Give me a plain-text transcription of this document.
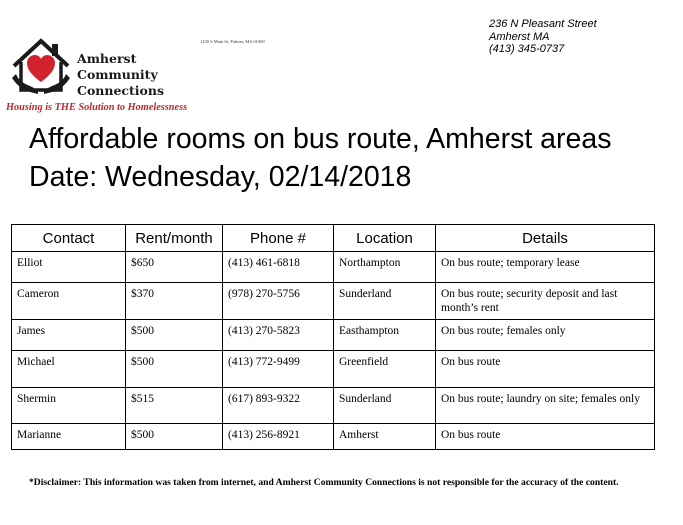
Amherst
Community
Connections
Housing is THE Solution to Homelessness
1230 S Main St, Palmer, MA 01069
236 N Pleasant Street
Amherst MA
(413) 345-0737
Affordable rooms on bus route, Amherst areas
Date: Wednesday, 02/14/2018
Contact	Rent/month	Phone #	Location	Details
Elliot	$650	(413) 461-6818	Northampton	On bus route; temporary lease
Cameron	$370	(978) 270-5756	Sunderland	On bus route; security deposit and last month’s rent
James	$500	(413) 270-5823	Easthampton	On bus route; females only
Michael	$500	(413) 772-9499	Greenfield	On bus route
Shermin	$515	(617) 893-9322	Sunderland	On bus route; laundry on site; females only
Marianne	$500	(413) 256-8921	Amherst	On bus route
*Disclaimer: This information was taken from internet, and Amherst Community Connections is not responsible for the accuracy of the content.
